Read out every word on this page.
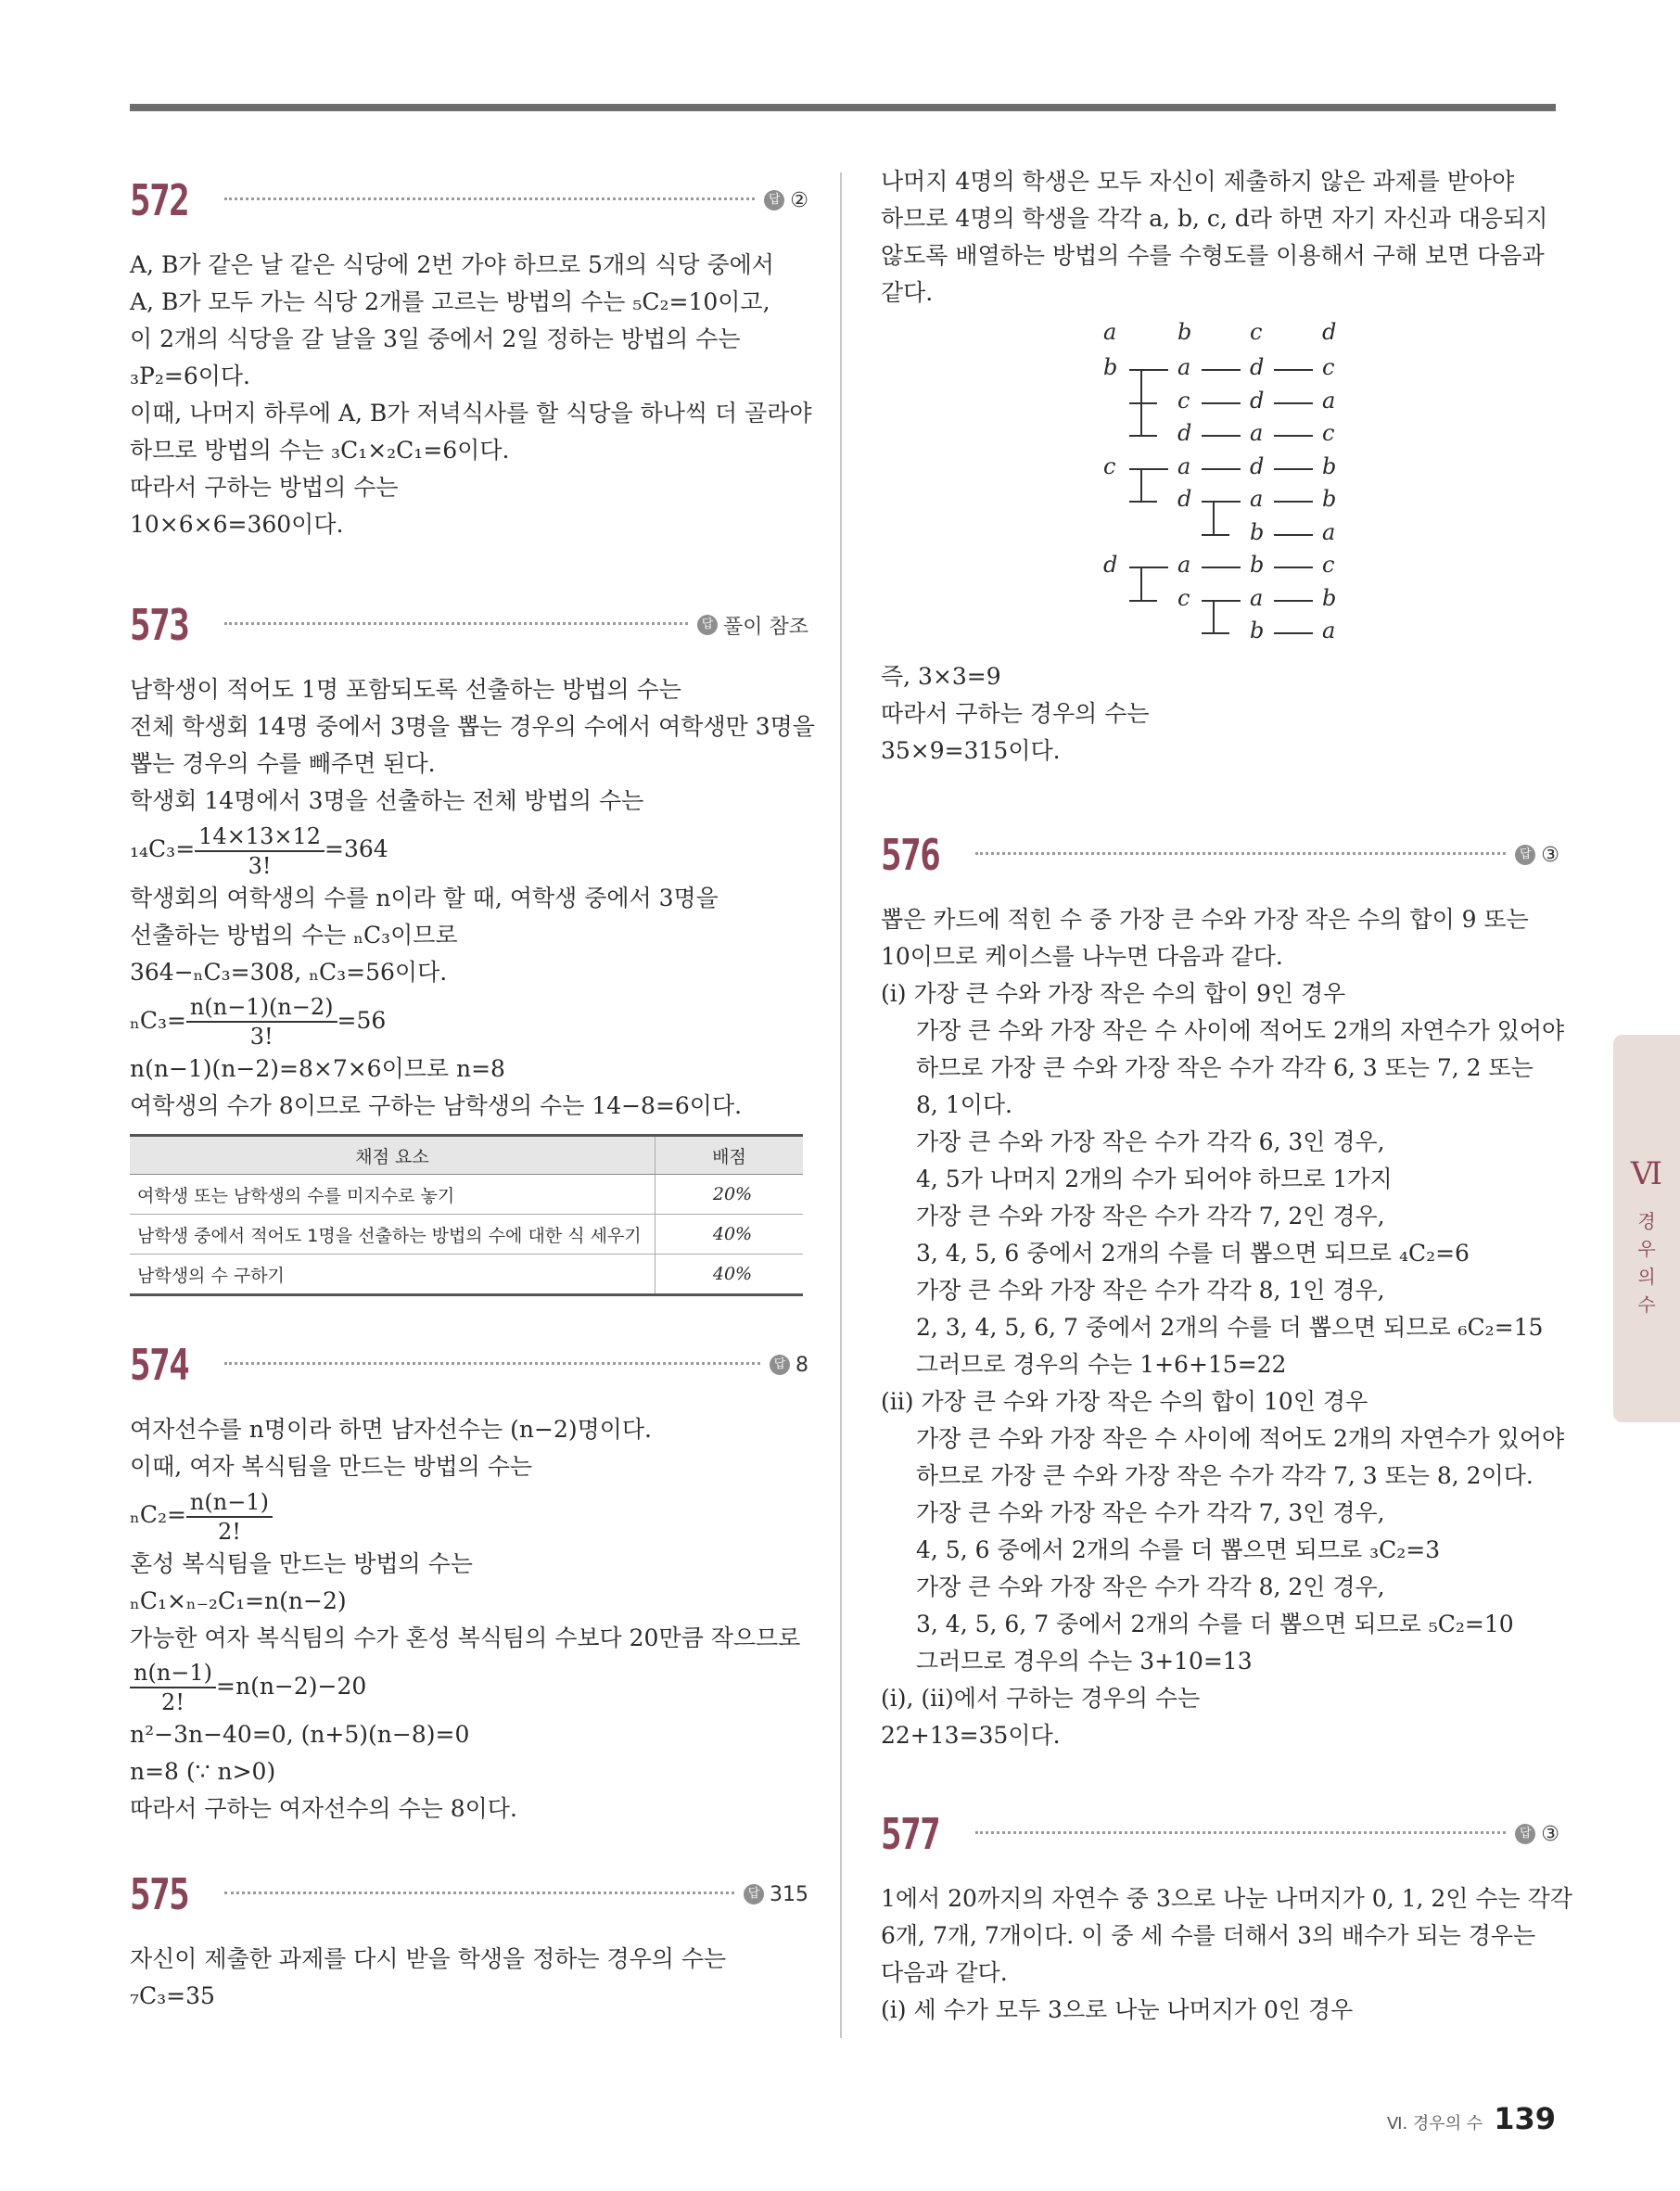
572	답 ②

A, B가 같은 날 같은 식당에 2번 가야 하므로 5개의 식당 중에서

A, B가 모두 가는 식당 2개를 고르는 방법의 수는 ₅C₂=10이고,

이 2개의 식당을 갈 날을 3일 중에서 2일 정하는 방법의 수는

₃P₂=6이다.

이때, 나머지 하루에 A, B가 저녁식사를 할 식당을 하나씩 더 골라야

하므로 방법의 수는 ₃C₁×₂C₁=6이다.

따라서 구하는 방법의 수는

10×6×6=360이다.

573	답 풀이 참조

남학생이 적어도 1명 포함되도록 선출하는 방법의 수는

전체 학생회 14명 중에서 3명을 뽑는 경우의 수에서 여학생만 3명을

뽑는 경우의 수를 빼주면 된다.

학생회 14명에서 3명을 선출하는 전체 방법의 수는

$_{14}C_3= \frac{14\times 13\times 12}{3!} =364$

학생회의 여학생의 수를 n이라 할 때, 여학생 중에서 3명을

선출하는 방법의 수는 ₙC₃이므로

364−ₙC₃=308, ₙC₃=56이다.

$_nC_3= \frac{n(n-1)(n-2)}{3!} =56$

n(n−1)(n−2)=8×7×6이므로 n=8

여학생의 수가 8이므로 구하는 남학생의 수는 14−8=6이다.

채점 요소	배점
여학생 또는 남학생의 수를 미지수로 놓기	20%
남학생 중에서 적어도 1명을 선출하는 방법의 수에 대한 식 세우기	40%
남학생의 수 구하기	40%
574	답 8

여자선수를 n명이라 하면 남자선수는 (n−2)명이다.

이때, 여자 복식팀을 만드는 방법의 수는

$_nC_2= \frac{n(n-1)}{2!}$

혼성 복식팀을 만드는 방법의 수는

ₙC₁×ₙ₋₂C₁=n(n−2)

가능한 여자 복식팀의 수가 혼성 복식팀의 수보다 20만큼 작으므로

$\frac{n(n-1)}{2!} =n(n-2)-20$

n²−3n−40=0, (n+5)(n−8)=0

n=8 (∵ n>0)

따라서 구하는 여자선수의 수는 8이다.

575	답 315

자신이 제출한 과제를 다시 받을 학생을 정하는 경우의 수는

₇C₃=35

나머지 4명의 학생은 모두 자신이 제출하지 않은 과제를 받아야

하므로 4명의 학생을 각각 a, b, c, d라 하면 자기 자신과 대응되지

않도록 배열하는 방법의 수를 수형도를 이용해서 구해 보면 다음과

같다.

a	b	c	d
b	a	d	c
c	d	a
d	a	c
c	a	d	b
d	a	b
b	a
d	a	b	c
c	a	b
b	a

즉, 3×3=9

따라서 구하는 경우의 수는

35×9=315이다.

576	답 ③

뽑은 카드에 적힌 수 중 가장 큰 수와 가장 작은 수의 합이 9 또는

10이므로 케이스를 나누면 다음과 같다.

(ⅰ) 가장 큰 수와 가장 작은 수의 합이 9인 경우

가장 큰 수와 가장 작은 수 사이에 적어도 2개의 자연수가 있어야

하므로 가장 큰 수와 가장 작은 수가 각각 6, 3 또는 7, 2 또는

8, 1이다.

가장 큰 수와 가장 작은 수가 각각 6, 3인 경우,

4, 5가 나머지 2개의 수가 되어야 하므로 1가지

가장 큰 수와 가장 작은 수가 각각 7, 2인 경우,

3, 4, 5, 6 중에서 2개의 수를 더 뽑으면 되므로 ₄C₂=6

가장 큰 수와 가장 작은 수가 각각 8, 1인 경우,

2, 3, 4, 5, 6, 7 중에서 2개의 수를 더 뽑으면 되므로 ₆C₂=15

그러므로 경우의 수는 1+6+15=22

(ⅱ) 가장 큰 수와 가장 작은 수의 합이 10인 경우

가장 큰 수와 가장 작은 수 사이에 적어도 2개의 자연수가 있어야

하므로 가장 큰 수와 가장 작은 수가 각각 7, 3 또는 8, 2이다.

가장 큰 수와 가장 작은 수가 각각 7, 3인 경우,

4, 5, 6 중에서 2개의 수를 더 뽑으면 되므로 ₃C₂=3

가장 큰 수와 가장 작은 수가 각각 8, 2인 경우,

3, 4, 5, 6, 7 중에서 2개의 수를 더 뽑으면 되므로 ₅C₂=10

그러므로 경우의 수는 3+10=13

(ⅰ), (ⅱ)에서 구하는 경우의 수는

22+13=35이다.

577	답 ③

1에서 20까지의 자연수 중 3으로 나눈 나머지가 0, 1, 2인 수는 각각

6개, 7개, 7개이다. 이 중 세 수를 더해서 3의 배수가 되는 경우는

다음과 같다.

(ⅰ) 세 수가 모두 3으로 나눈 나머지가 0인 경우

Ⅵ
경
우
의
수
Ⅵ. 경우의 수 139
